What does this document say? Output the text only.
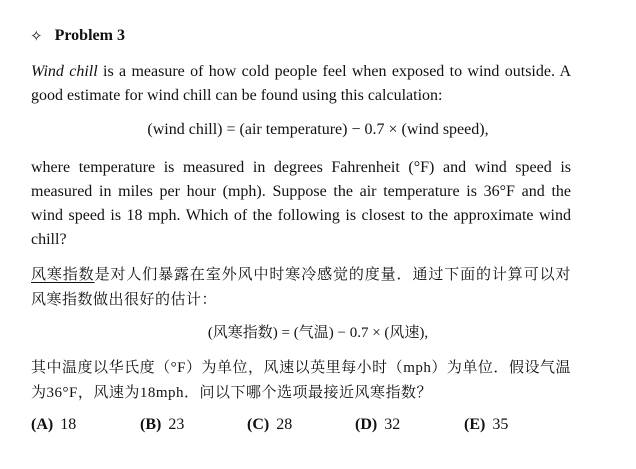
✧ Problem 3

Wind chill is a measure of how cold people feel when exposed to wind outside. A good estimate for wind chill can be found using this calculation:

(wind chill) = (air temperature) − 0.7 × (wind speed),

where temperature is measured in degrees Fahrenheit (°F) and wind speed is measured in miles per hour (mph). Suppose the air temperature is 36°F and the wind speed is 18 mph. Which of the following is closest to the approximate wind chill?

风寒指数是对人们暴露在室外风中时寒冷感觉的度量．通过下面的计算可以对风寒指数做出很好的估计：

(风寒指数) = (气温) − 0.7 × (风速),

其中温度以华氏度（°F）为单位，风速以英里每小时（mph）为单位．假设气温为36°F，风速为18mph．问以下哪个选项最接近风寒指数？

(A) 18	(B) 23	(C) 28	(D) 32	(E) 35
